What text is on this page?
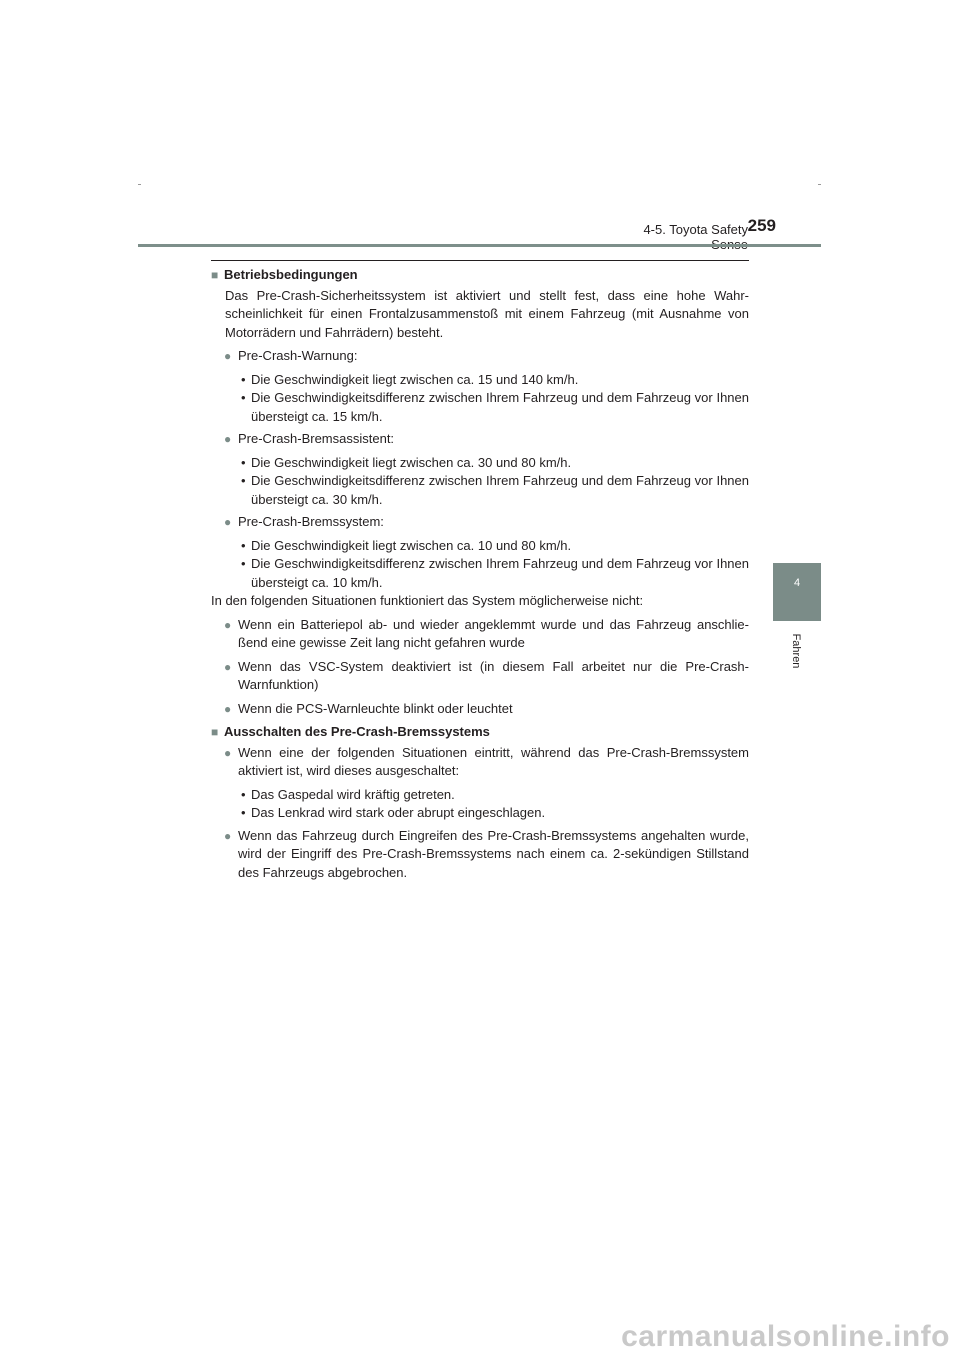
4-5. Toyota Safety 259
4
Fahren
■ Betriebsbedingungen
Das Pre-Crash-Sicherheitssystem ist aktiviert und stellt fest, dass eine hohe Wahr-scheinlichkeit für einen Frontalzusammenstoß mit einem Fahrzeug (mit Ausnahme von Motorrädern und Fahrrädern) besteht.
● Pre-Crash-Warnung:
• Die Geschwindigkeit liegt zwischen ca. 15 und 140 km/h.
• Die Geschwindigkeitsdifferenz zwischen Ihrem Fahrzeug und dem Fahrzeug vor Ihnen übersteigt ca. 15 km/h.
● Pre-Crash-Bremsassistent:
• Die Geschwindigkeit liegt zwischen ca. 30 und 80 km/h.
• Die Geschwindigkeitsdifferenz zwischen Ihrem Fahrzeug und dem Fahrzeug vor Ihnen übersteigt ca. 30 km/h.
● Pre-Crash-Bremssystem:
• Die Geschwindigkeit liegt zwischen ca. 10 und 80 km/h.
• Die Geschwindigkeitsdifferenz zwischen Ihrem Fahrzeug und dem Fahrzeug vor Ihnen übersteigt ca. 10 km/h.
In den folgenden Situationen funktioniert das System möglicherweise nicht:
● Wenn ein Batteriepol ab- und wieder angeklemmt wurde und das Fahrzeug anschlie-ßend eine gewisse Zeit lang nicht gefahren wurde
● Wenn das VSC-System deaktiviert ist (in diesem Fall arbeitet nur die Pre-Crash-Warnfunktion)
● Wenn die PCS-Warnleuchte blinkt oder leuchtet
■ Ausschalten des Pre-Crash-Bremssystems
● Wenn eine der folgenden Situationen eintritt, während das Pre-Crash-Bremssystem aktiviert ist, wird dieses ausgeschaltet:
• Das Gaspedal wird kräftig getreten.
• Das Lenkrad wird stark oder abrupt eingeschlagen.
● Wenn das Fahrzeug durch Eingreifen des Pre-Crash-Bremssystems angehalten wurde, wird der Eingriff des Pre-Crash-Bremssystems nach einem ca. 2-sekündigen Stillstand des Fahrzeugs abgebrochen.
carmanualsonline.info
